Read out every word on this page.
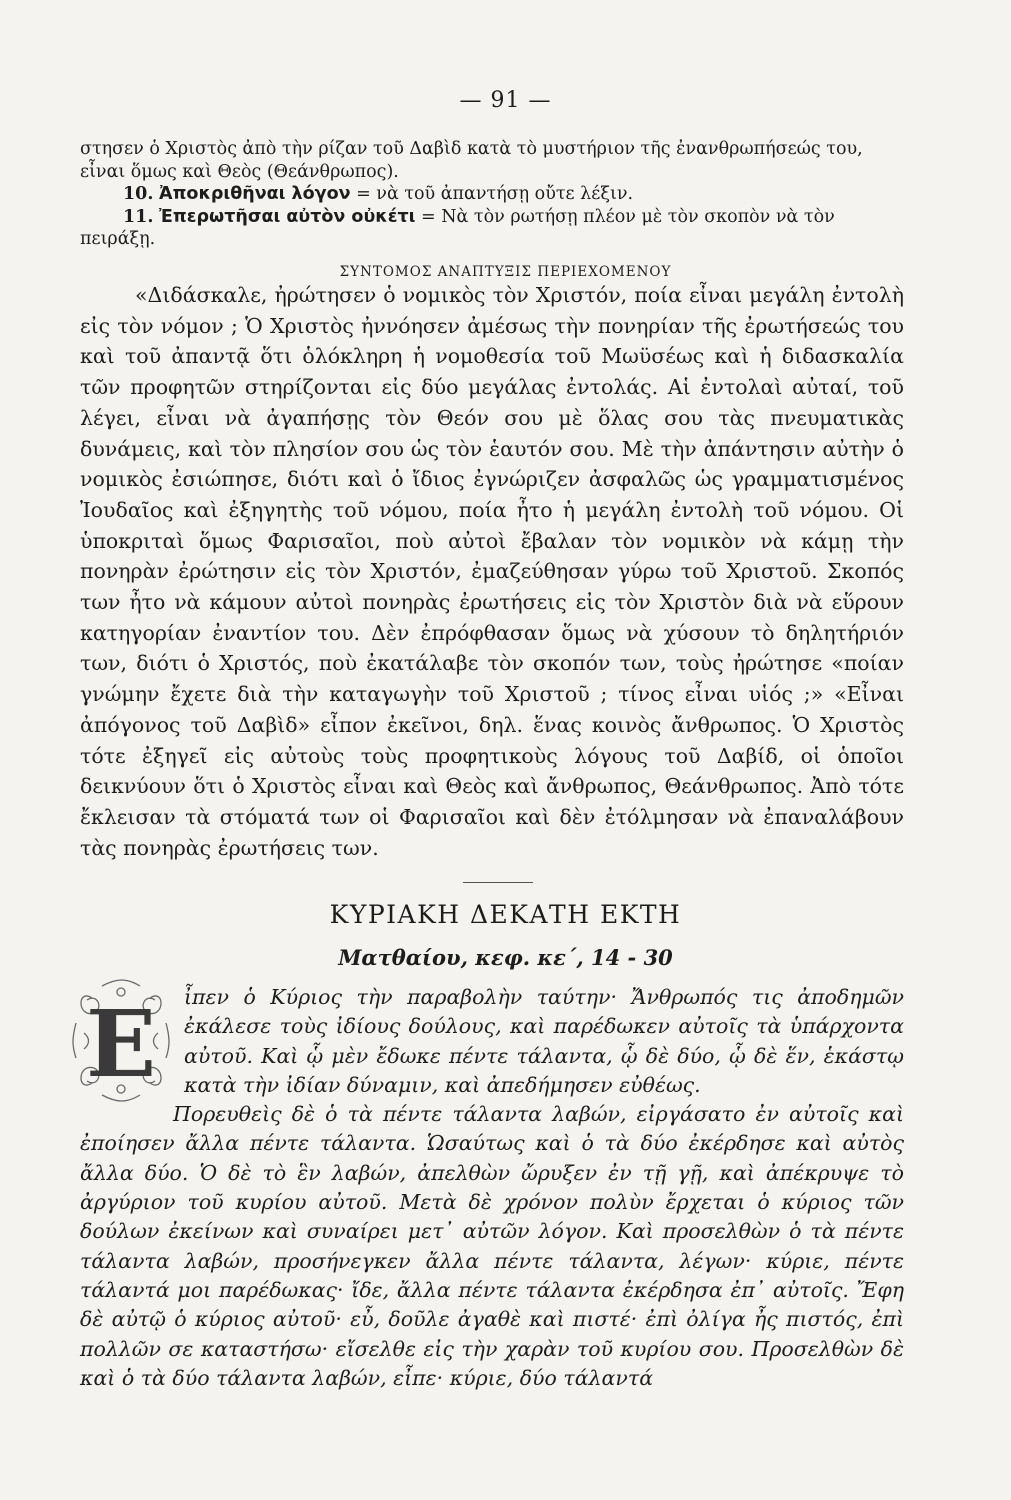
— 91 —

στησεν ὁ Χριστὸς ἀπὸ τὴν ρίζαν τοῦ Δαβὶδ κατὰ τὸ μυστήριον τῆς ἐνανθρωπήσεώς του, εἶναι ὅμως καὶ Θεὸς (Θεάνθρωπος).

10. Ἀποκριθῆναι λόγον = νὰ τοῦ ἀπαντήσῃ οὔτε λέξιν.

11. Ἐπερωτῆσαι αὐτὸν οὐκέτι = Νὰ τὸν ρωτήσῃ πλέον μὲ τὸν σκοπὸν νὰ τὸν πειράξῃ.

ΣΥΝΤΟΜΟΣ ΑΝΑΠΤΥΞΙΣ ΠΕΡΙΕΧΟΜΕΝΟΥ

«Διδάσκαλε, ἠρώτησεν ὁ νομικὸς τὸν Χριστόν, ποία εἶναι μεγάλη ἐντολὴ εἰς τὸν νόμον ; Ὁ Χριστὸς ἠννόησεν ἀμέσως τὴν πονηρίαν τῆς ἐρωτήσεώς του καὶ τοῦ ἀπαντᾷ ὅτι ὁλόκληρη ἡ νομοθεσία τοῦ Μωϋσέως καὶ ἡ διδασκαλία τῶν προφητῶν στηρίζονται εἰς δύο μεγάλας ἐντολάς. Αἱ ἐντολαὶ αὐταί, τοῦ λέγει, εἶναι νὰ ἀγαπήσῃς τὸν Θεόν σου μὲ ὅλας σου τὰς πνευματικὰς δυνάμεις, καὶ τὸν πλησίον σου ὡς τὸν ἑαυτόν σου. Μὲ τὴν ἀπάντησιν αὐτὴν ὁ νομικὸς ἐσιώπησε, διότι καὶ ὁ ἴδιος ἐγνώριζεν ἀσφαλῶς ὡς γραμματισμένος Ἰουδαῖος καὶ ἐξηγητὴς τοῦ νόμου, ποία ἦτο ἡ μεγάλη ἐντολὴ τοῦ νόμου. Οἱ ὑποκριταὶ ὅμως Φαρισαῖοι, ποὺ αὐτοὶ ἔβαλαν τὸν νομικὸν νὰ κάμῃ τὴν πονηρὰν ἐρώτησιν εἰς τὸν Χριστόν, ἐμαζεύθησαν γύρω τοῦ Χριστοῦ. Σκοπός των ἦτο νὰ κάμουν αὐτοὶ πονηρὰς ἐρωτήσεις εἰς τὸν Χριστὸν διὰ νὰ εὕρουν κατηγορίαν ἐναντίον του. Δὲν ἐπρόφθασαν ὅμως νὰ χύσουν τὸ δηλητήριόν των, διότι ὁ Χριστός, ποὺ ἐκατάλαβε τὸν σκοπόν των, τοὺς ἠρώτησε «ποίαν γνώμην ἔχετε διὰ τὴν καταγωγὴν τοῦ Χριστοῦ ; τίνος εἶναι υἱός ;» «Εἶναι ἀπόγονος τοῦ Δαβὶδ» εἶπον ἐκεῖνοι, δηλ. ἕνας κοινὸς ἄνθρωπος. Ὁ Χριστὸς τότε ἐξηγεῖ εἰς αὐτοὺς τοὺς προφητικοὺς λόγους τοῦ Δαβίδ, οἱ ὁποῖοι δεικνύουν ὅτι ὁ Χριστὸς εἶναι καὶ Θεὸς καὶ ἄνθρωπος, Θεάνθρωπος. Ἀπὸ τότε ἔκλεισαν τὰ στόματά των οἱ Φαρισαῖοι καὶ δὲν ἐτόλμησαν νὰ ἐπαναλάβουν τὰς πονηρὰς ἐρωτήσεις των.

ΚΥΡΙΑΚΗ ΔΕΚΑΤΗ ΕΚΤΗ
Ματθαίου, κεφ. κε΄, 14 - 30
E	ἶπεν ὁ Κύριος τὴν παραβολὴν ταύτην· Ἄνθρωπός τις ἀποδημῶν ἐκάλεσε τοὺς ἰδίους δούλους, καὶ παρέδωκεν αὐτοῖς τὰ ὑπάρχοντα αὐτοῦ. Καὶ ᾧ μὲν ἔδωκε πέντε τάλαντα, ᾧ δὲ δύο, ᾧ δὲ ἕν, ἑκάστῳ κατὰ τὴν ἰδίαν δύναμιν, καὶ ἀπεδήμησεν εὐθέως.

Πορευθεὶς δὲ ὁ τὰ πέντε τάλαντα λαβών, εἰργάσατο ἐν αὐτοῖς καὶ ἐποίησεν ἄλλα πέντε τάλαντα. Ὡσαύτως καὶ ὁ τὰ δύο ἐκέρδησε καὶ αὐτὸς ἄλλα δύο. Ὁ δὲ τὸ ἓν λαβών, ἀπελθὼν ὤρυξεν ἐν τῇ γῇ, καὶ ἀπέκρυψε τὸ ἀργύριον τοῦ κυρίου αὐτοῦ. Μετὰ δὲ χρόνον πολὺν ἔρχεται ὁ κύριος τῶν δούλων ἐκείνων καὶ συναίρει μετ᾽ αὐτῶν λόγον. Καὶ προσελθὼν ὁ τὰ πέντε τάλαντα λαβών, προσήνεγκεν ἄλλα πέντε τάλαντα, λέγων· κύριε, πέντε τάλαντά μοι παρέδωκας· ἴδε, ἄλλα πέντε τάλαντα ἐκέρδησα ἐπ᾽ αὐτοῖς. Ἔφη δὲ αὐτῷ ὁ κύριος αὐτοῦ· εὖ, δοῦλε ἀγαθὲ καὶ πιστέ· ἐπὶ ὀλίγα ἦς πιστός, ἐπὶ πολλῶν σε καταστήσω· εἴσελθε εἰς τὴν χαρὰν τοῦ κυρίου σου. Προσελθὼν δὲ καὶ ὁ τὰ δύο τάλαντα λαβών, εἶπε· κύριε, δύο τάλαντά
